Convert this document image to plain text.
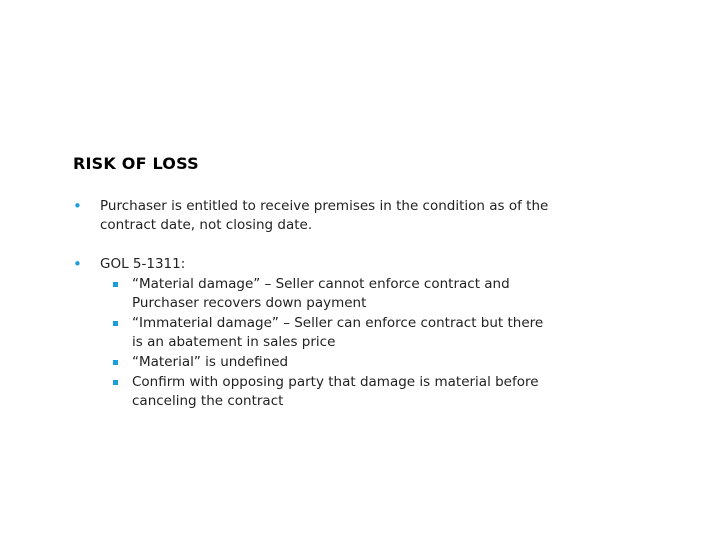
RISK OF LOSS
• Purchaser is entitled to receive premises in the condition as of the contract date, not closing date.
• GOL 5-1311:
“Material damage” – Seller cannot enforce contract and Purchaser recovers down payment
“Immaterial damage” – Seller can enforce contract but there is an abatement in sales price
“Material” is undefined
Confirm with opposing party that damage is material before canceling the contract
